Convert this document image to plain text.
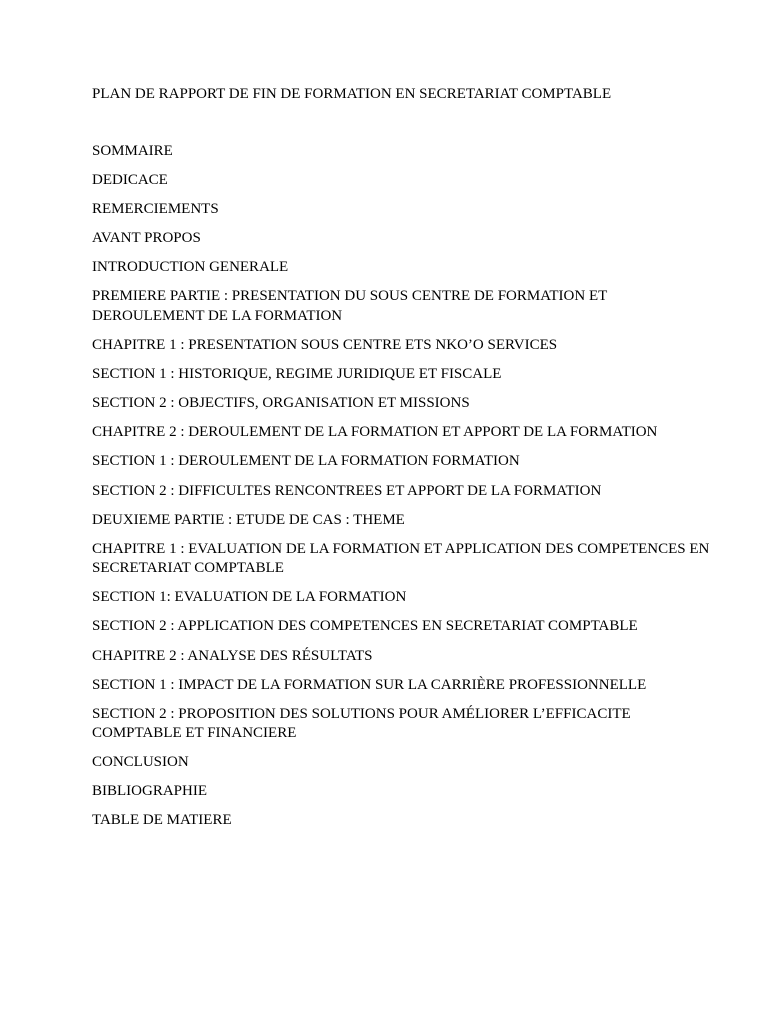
PLAN DE RAPPORT DE FIN DE FORMATION EN SECRETARIAT COMPTABLE
SOMMAIRE
DEDICACE
REMERCIEMENTS
AVANT PROPOS
INTRODUCTION GENERALE
PREMIERE PARTIE : PRESENTATION DU SOUS CENTRE DE FORMATION ET DEROULEMENT DE LA FORMATION
CHAPITRE 1 : PRESENTATION SOUS CENTRE ETS NKO’O SERVICES
SECTION 1 : HISTORIQUE, REGIME JURIDIQUE ET FISCALE
SECTION 2 : OBJECTIFS, ORGANISATION ET MISSIONS
CHAPITRE 2 : DEROULEMENT DE LA FORMATION ET APPORT DE LA FORMATION
SECTION 1 : DEROULEMENT DE LA FORMATION FORMATION
SECTION 2 : DIFFICULTES RENCONTREES ET APPORT DE LA FORMATION
DEUXIEME PARTIE : ETUDE DE CAS : THEME
CHAPITRE 1 : EVALUATION DE LA FORMATION ET APPLICATION DES COMPETENCES EN SECRETARIAT COMPTABLE
SECTION 1: EVALUATION DE LA FORMATION
SECTION 2 : APPLICATION DES COMPETENCES EN SECRETARIAT COMPTABLE
CHAPITRE 2 : ANALYSE DES RÉSULTATS
SECTION 1 : IMPACT DE LA FORMATION SUR LA CARRIÈRE PROFESSIONNELLE
SECTION 2 : PROPOSITION DES SOLUTIONS POUR AMÉLIORER L’EFFICACITE COMPTABLE ET FINANCIERE
CONCLUSION
BIBLIOGRAPHIE
TABLE DE MATIERE
